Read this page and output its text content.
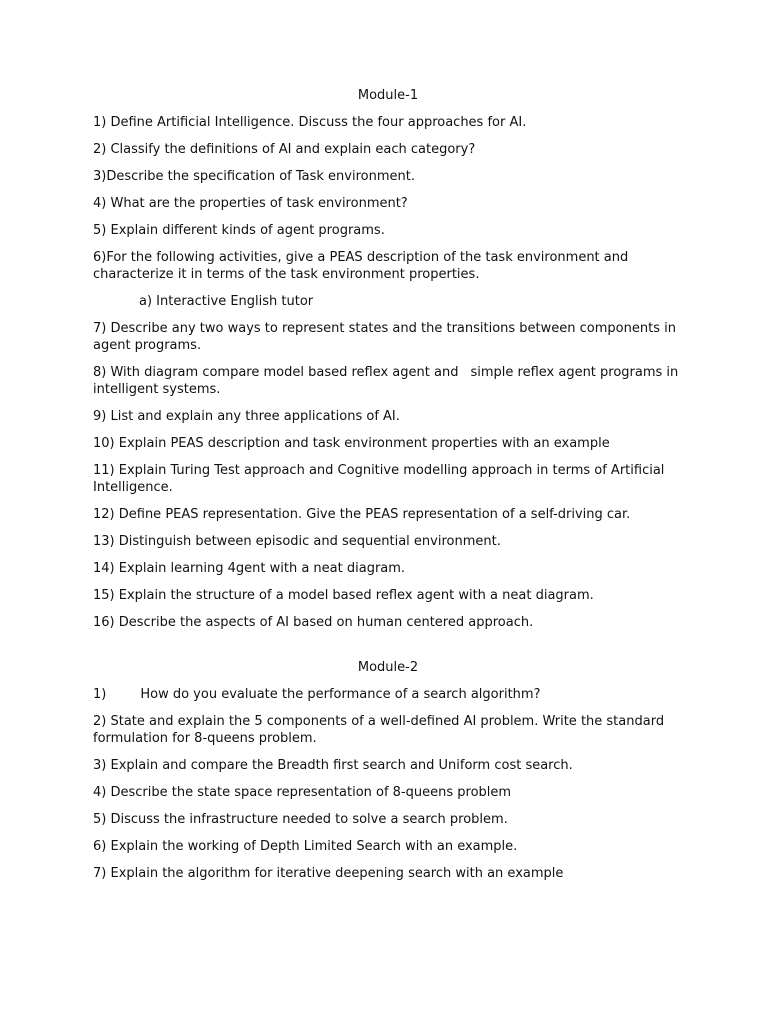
Module-1

1) Define Artificial Intelligence. Discuss the four approaches for AI.

2) Classify the definitions of AI and explain each category?

3)Describe the specification of Task environment.

4) What are the properties of task environment?

5) Explain different kinds of agent programs.

6)For the following activities, give a PEAS description of the task environment and characterize it in terms of the task environment properties.

a) Interactive English tutor

7) Describe any two ways to represent states and the transitions between components in agent programs.

8) With diagram compare model based reflex agent and simple reflex agent programs in intelligent systems.

9) List and explain any three applications of AI.

10) Explain PEAS description and task environment properties with an example

11) Explain Turing Test approach and Cognitive modelling approach in terms of Artificial Intelligence.

12) Define PEAS representation. Give the PEAS representation of a self-driving car.

13) Distinguish between episodic and sequential environment.

14) Explain learning 4gent with a neat diagram.

15) Explain the structure of a model based reflex agent with a neat diagram.

16) Describe the aspects of AI based on human centered approach.

Module-2

1)	How do you evaluate the performance of a search algorithm?

2) State and explain the 5 components of a well-defined AI problem. Write the standard formulation for 8-queens problem.

3) Explain and compare the Breadth first search and Uniform cost search.

4) Describe the state space representation of 8-queens problem

5) Discuss the infrastructure needed to solve a search problem.

6) Explain the working of Depth Limited Search with an example.

7) Explain the algorithm for iterative deepening search with an example
